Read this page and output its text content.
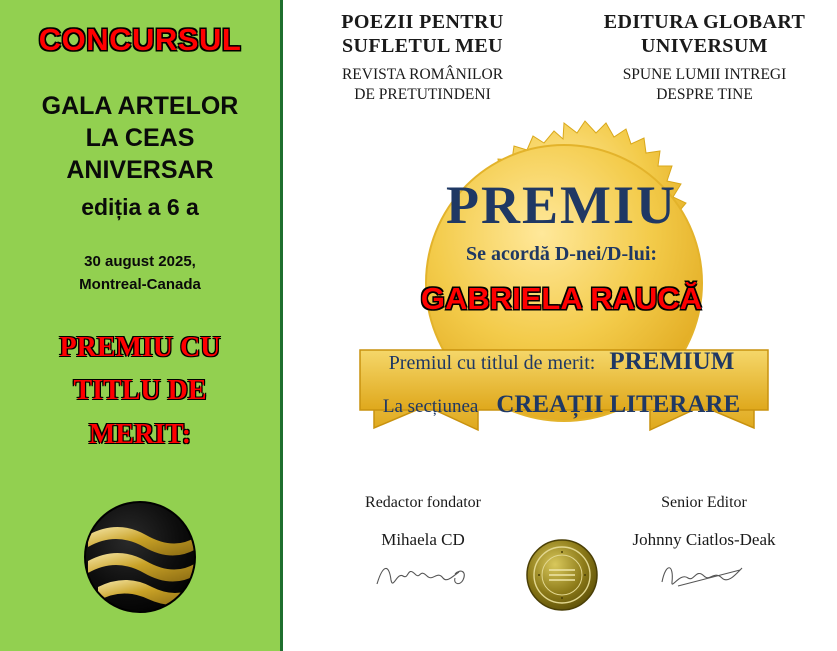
CONCURSUL
GALA ARTELOR
LA CEAS
ANIVERSAR
ediția a 6 a
30 august 2025,
Montreal-Canada
PREMIU CU
TITLU DE
MERIT:
POEZII PENTRU
SUFLETUL MEU
REVISTA ROMÂNILOR
DE PRETUTINDENI
EDITURA GLOBART
UNIVERSUM
SPUNE LUMII INTREGI
DESPRE TINE
PREMIU
Se acordă D-nei/D-lui:
GABRIELA RAUCĂ
Premiul cu titlul de merit: PREMIUM
La secțiunea CREAȚII LITERARE
Redactor fondator
Mihaela CD
Senior Editor
Johnny Ciatlos-Deak
